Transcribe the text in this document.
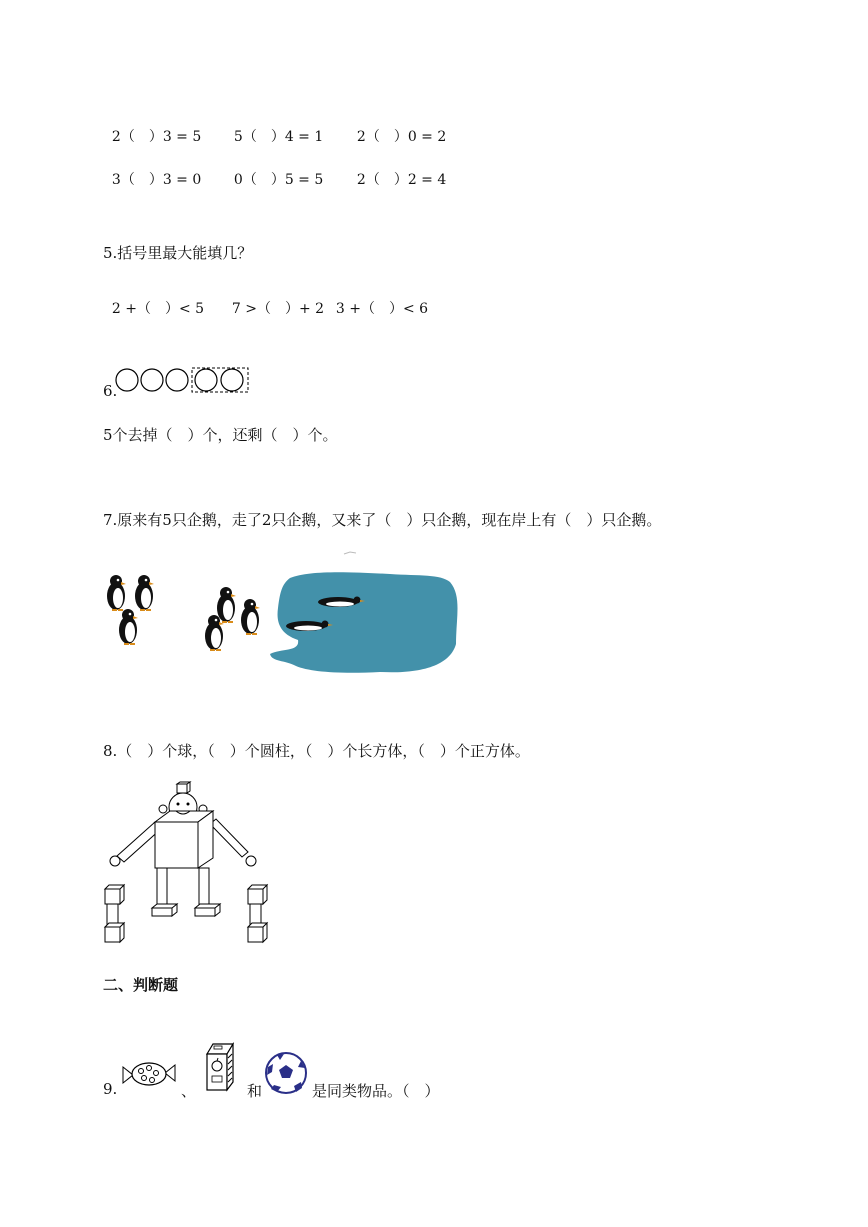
2（　）3 = 5 5（　）4 = 1 2（　）0 = 2

3（　）3 = 0 0（　）5 = 5 2（　）2 = 4

5.括号里最大能填几？

2 +（　）< 5 7 >（　）+ 2 3 +（　）< 6

6.
5个去掉（　）个，还剩（　）个。
7.原来有5只企鹅，走了2只企鹅，又来了（　）只企鹅，现在岸上有（　）只企鹅。
8.（　）个球，（　）个圆柱，（　）个长方体，（　）个正方体。
二、判断题
9.	、	和	是同类物品。（　）
